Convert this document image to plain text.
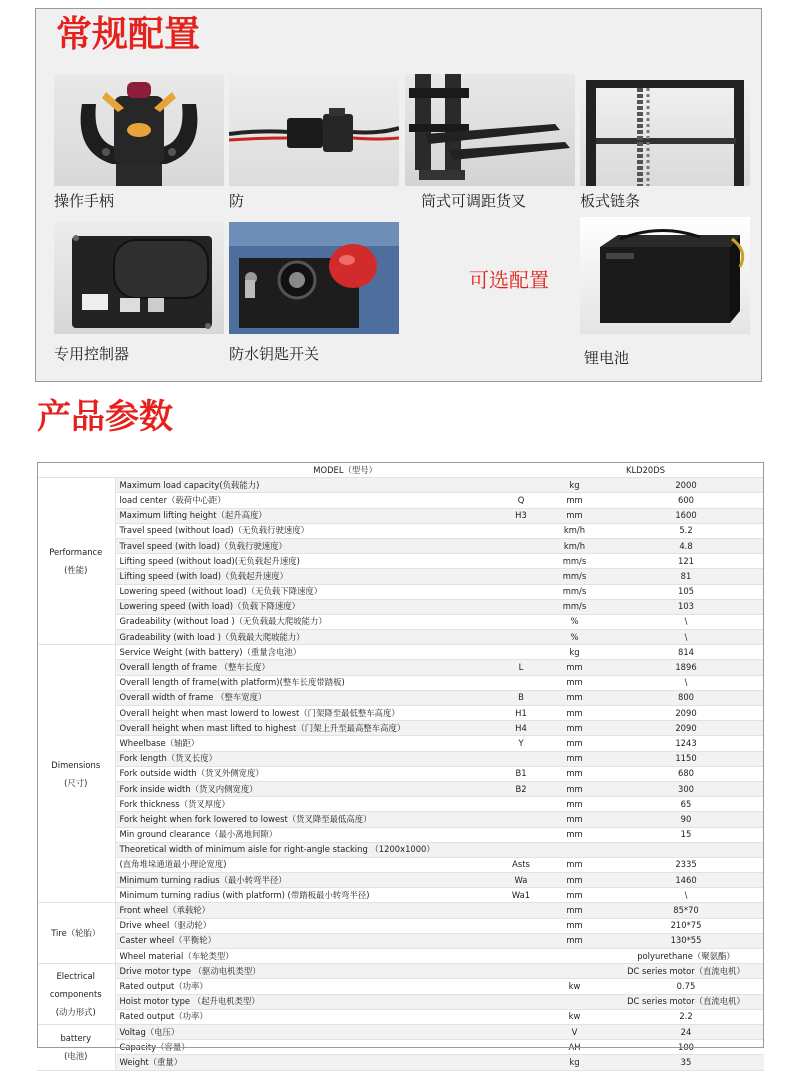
常规配置
操作手柄	防	筒式可调距货叉	板式链条
专用控制器	防水钥匙开关
可选配置
锂电池
产品参数
	MODEL（型号）			KLD20DS

Performance
(性能)	Maximum load capacity(负载能力)		kg	2000
	load center（载荷中心距）	Q	mm	600
	Maximum lifting height（起升高度）	H3	mm	1600
	Travel speed (without load)（无负载行驶速度）		km/h	5.2
	Travel speed (with load)（负载行驶速度）		km/h	4.8
	Lifting speed (without load)(无负载起升速度)		mm/s	121
	Lifting speed (with load)（负载起升速度）		mm/s	81
	Lowering speed (without load)（无负载下降速度）		mm/s	105
	Lowering speed (with load)（负载下降速度）		mm/s	103
	Gradeability (without load )（无负载最大爬坡能力）		%	\
	Gradeability (with load )（负载最大爬坡能力）		%	\

Dimensions
(尺寸)	Service Weight (with battery)（重量含电池）		kg	814
	Overall length of frame （整车长度）	L	mm	1896
	Overall length of frame(with platform)(整车长度带踏板)		mm	\
	Overall width of frame （整车宽度）	B	mm	800
	Overall height when mast lowerd to lowest（门架降至最低整车高度）	H1	mm	2090
	Overall height when mast lifted to highest（门架上升至最高整车高度）	H4	mm	2090
	Wheelbase（轴距）	Y	mm	1243
	Fork length（货叉长度）		mm	1150
	Fork outside width（货叉外侧宽度）	B1	mm	680
	Fork inside width（货叉内侧宽度）	B2	mm	300
	Fork thickness（货叉厚度）		mm	65
	Fork height when fork lowered to lowest（货叉降至最低高度）		mm	90
	Min ground clearance（最小离地间隙）		mm	15
	Theoretical width of minimum aisle for right-angle stacking （1200x1000）			
	(直角堆垛通道最小理论宽度)	Asts	mm	2335
	Minimum turning radius（最小转弯半径）	Wa	mm	1460
	Minimum turning radius (with platform) (带踏板最小转弯半径)	Wa1	mm	\

Tire（轮胎）	Front wheel（承载轮）		mm	85*70
	Drive wheel（驱动轮）		mm	210*75
	Caster wheel（平衡轮）		mm	130*55
	Wheel material（车轮类型）			polyurethane（聚氨酯）

Electrical
components
(动力形式)	Drive motor type （驱动电机类型）			DC series motor（直流电机）
	Rated output（功率）		kw	0.75
	Hoist motor type （起升电机类型）			DC series motor（直流电机）
	Rated output（功率）		kw	2.2

battery
(电池)	Voltag（电压）		V	24
	Capacity（容量）		AH	100
	Weight（重量）		kg	35
